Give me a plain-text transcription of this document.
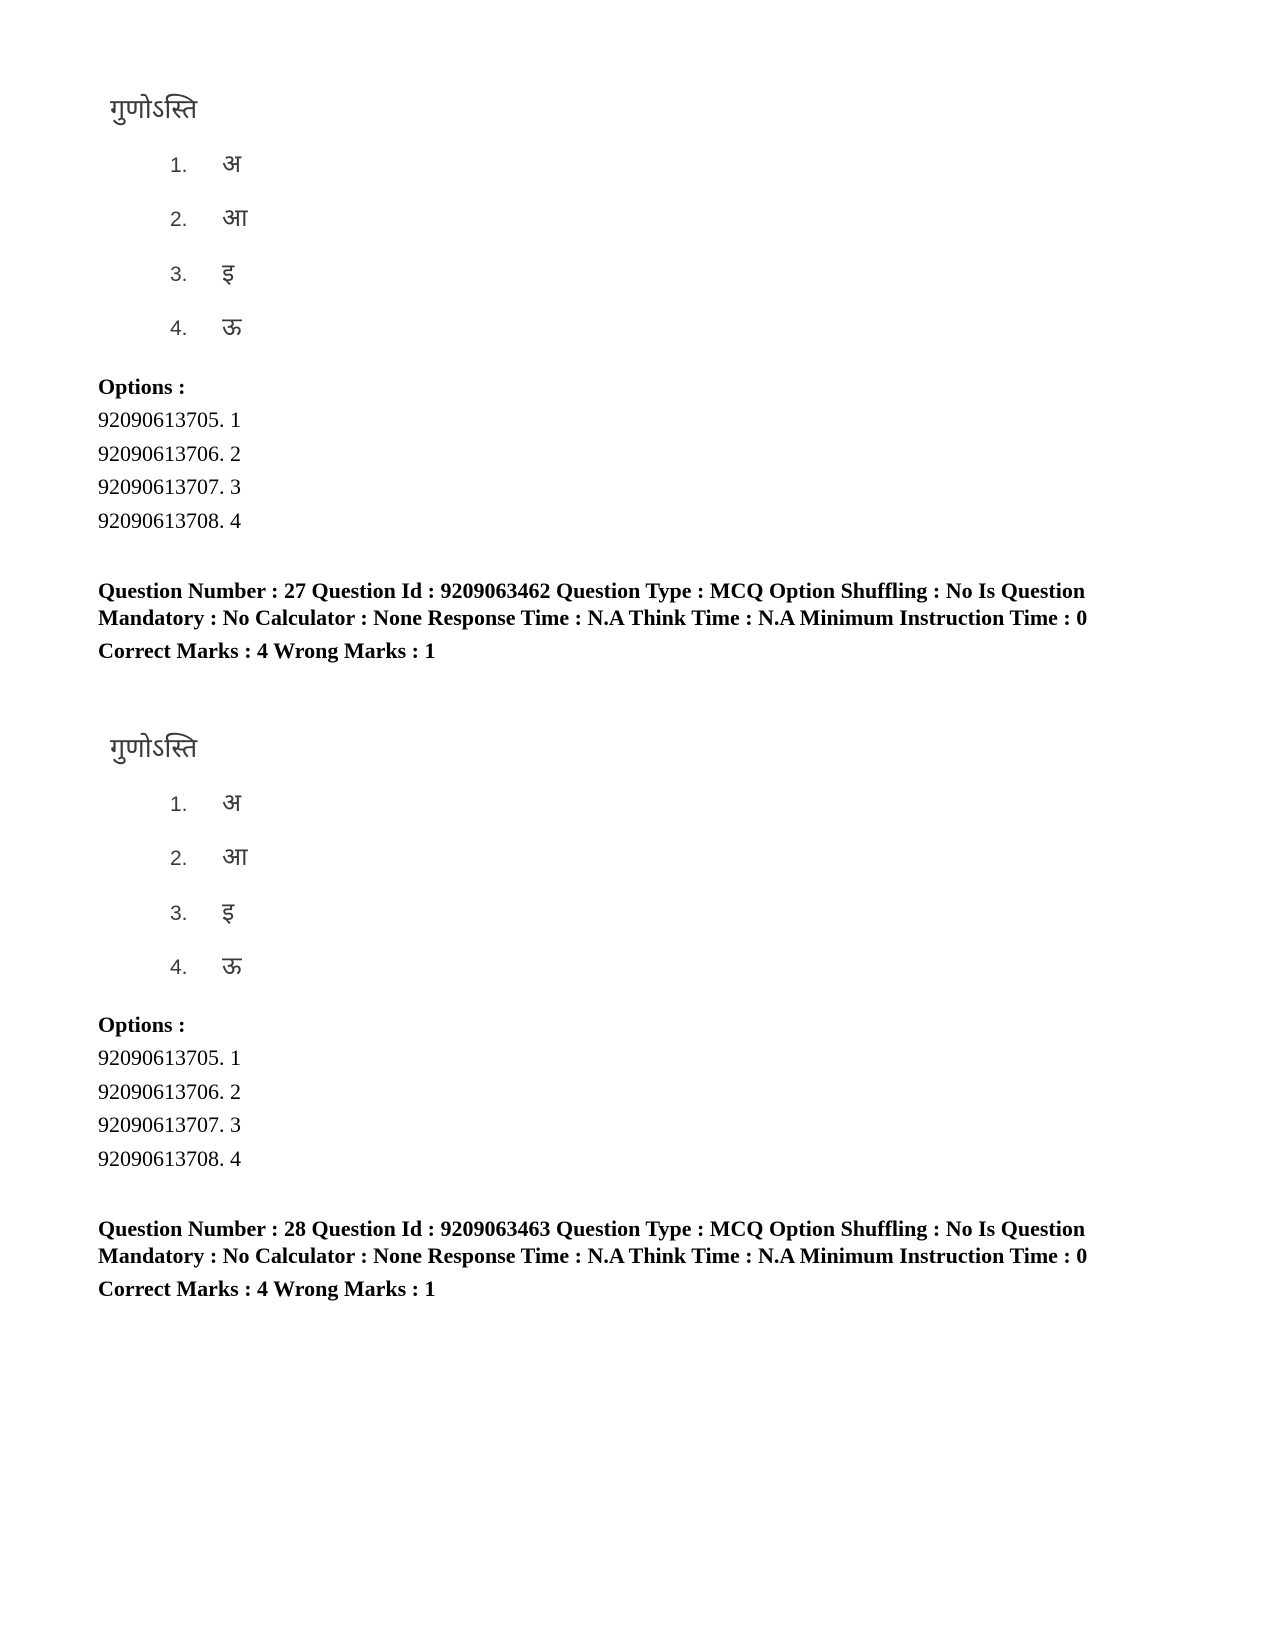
गुणोऽस्ति
1. अ
2. आ
3. इ
4. ऊ
Options :
92090613705. 1
92090613706. 2
92090613707. 3
92090613708. 4
Question Number : 27 Question Id : 9209063462 Question Type : MCQ Option Shuffling : No Is Question Mandatory : No Calculator : None Response Time : N.A Think Time : N.A Minimum Instruction Time : 0
Correct Marks : 4 Wrong Marks : 1
गुणोऽस्ति
1. अ
2. आ
3. इ
4. ऊ
Options :
92090613705. 1
92090613706. 2
92090613707. 3
92090613708. 4
Question Number : 28 Question Id : 9209063463 Question Type : MCQ Option Shuffling : No Is Question Mandatory : No Calculator : None Response Time : N.A Think Time : N.A Minimum Instruction Time : 0
Correct Marks : 4 Wrong Marks : 1
